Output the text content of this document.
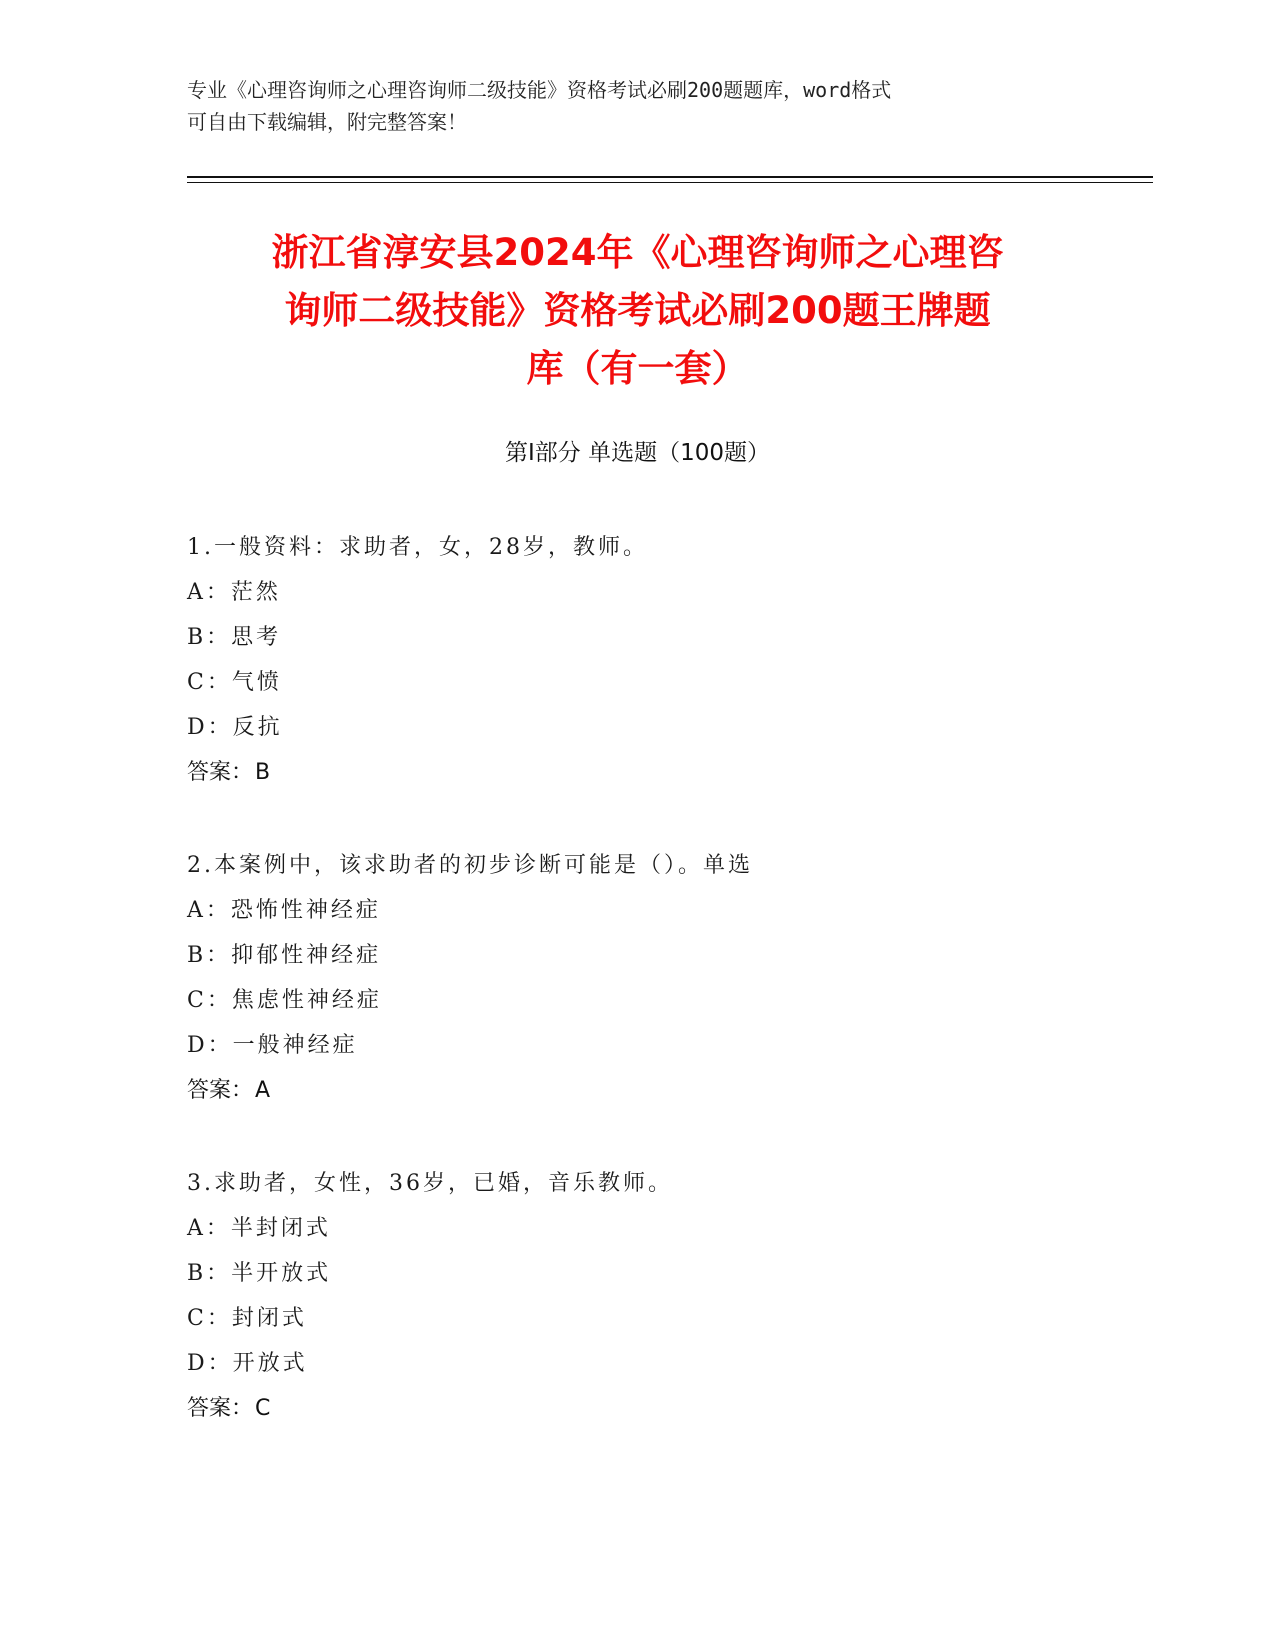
专业《心理咨询师之心理咨询师二级技能》资格考试必刷200题题库，word格式
可自由下载编辑，附完整答案！
浙江省淳安县2024年《心理咨询师之心理咨
询师二级技能》资格考试必刷200题王牌题
库（有一套）
第Ⅰ部分 单选题（100题）
1.一般资料：求助者，女，28岁，教师。
A：茫然
B：思考
C：气愤
D：反抗
答案：B
2.本案例中，该求助者的初步诊断可能是（）。单选
A：恐怖性神经症
B：抑郁性神经症
C：焦虑性神经症
D：一般神经症
答案：A
3.求助者，女性，36岁，已婚，音乐教师。
A：半封闭式
B：半开放式
C：封闭式
D：开放式
答案：C
